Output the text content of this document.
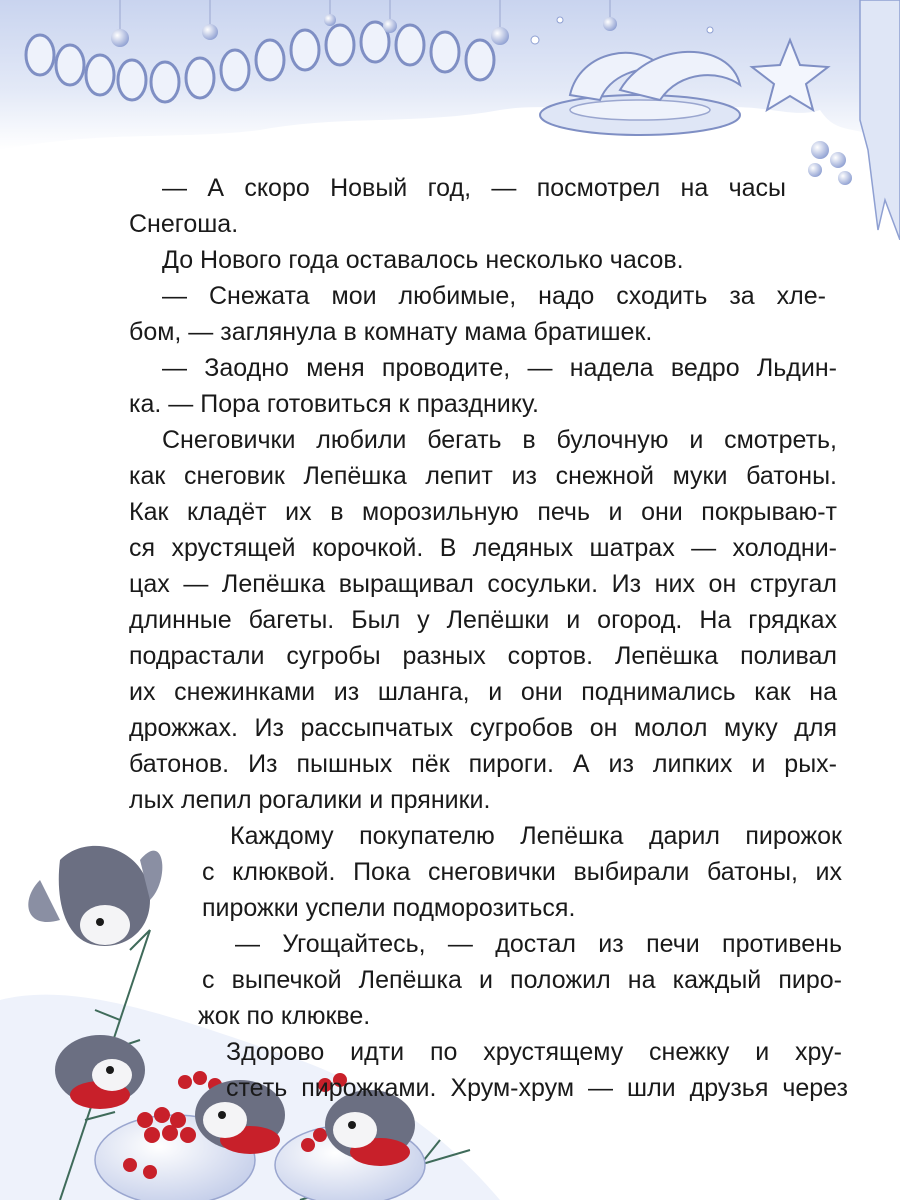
— А скоро Новый год, — посмотрел на часы
Снегоша.
До Нового года оставалось несколько часов.
— Снежата мои любимые, надо сходить за хле-
бом, — заглянула в комнату мама братишек.
— Заодно меня проводите, — надела ведро Льдин-
ка. — Пора готовиться к празднику.
Снеговички любили бегать в булочную и смотреть,
как снеговик Лепёшка лепит из снежной муки батоны.
Как кладёт их в морозильную печь и они покрываю-т
ся хрустящей корочкой. В ледяных шатрах — холодни-
цах — Лепёшка выращивал сосульки. Из них он стругал
длинные багеты. Был у Лепёшки и огород. На грядках
подрастали сугробы разных сортов. Лепёшка поливал
их снежинками из шланга, и они поднимались как на
дрожжах. Из рассыпчатых сугробов он молол муку для
батонов. Из пышных пёк пироги. А из липких и рых-
лых лепил рогалики и пряники.
Каждому покупателю Лепёшка дарил пирожок
с клюквой. Пока снеговички выбирали батоны, их
пирожки успели подморозиться.
— Угощайтесь, — достал из печи противень
с выпечкой Лепёшка и положил на каждый пиро-
жок по клюкве.
Здорово идти по хрустящему снежку и хру-
стеть пирожками. Хрум-хрум — шли друзья через
